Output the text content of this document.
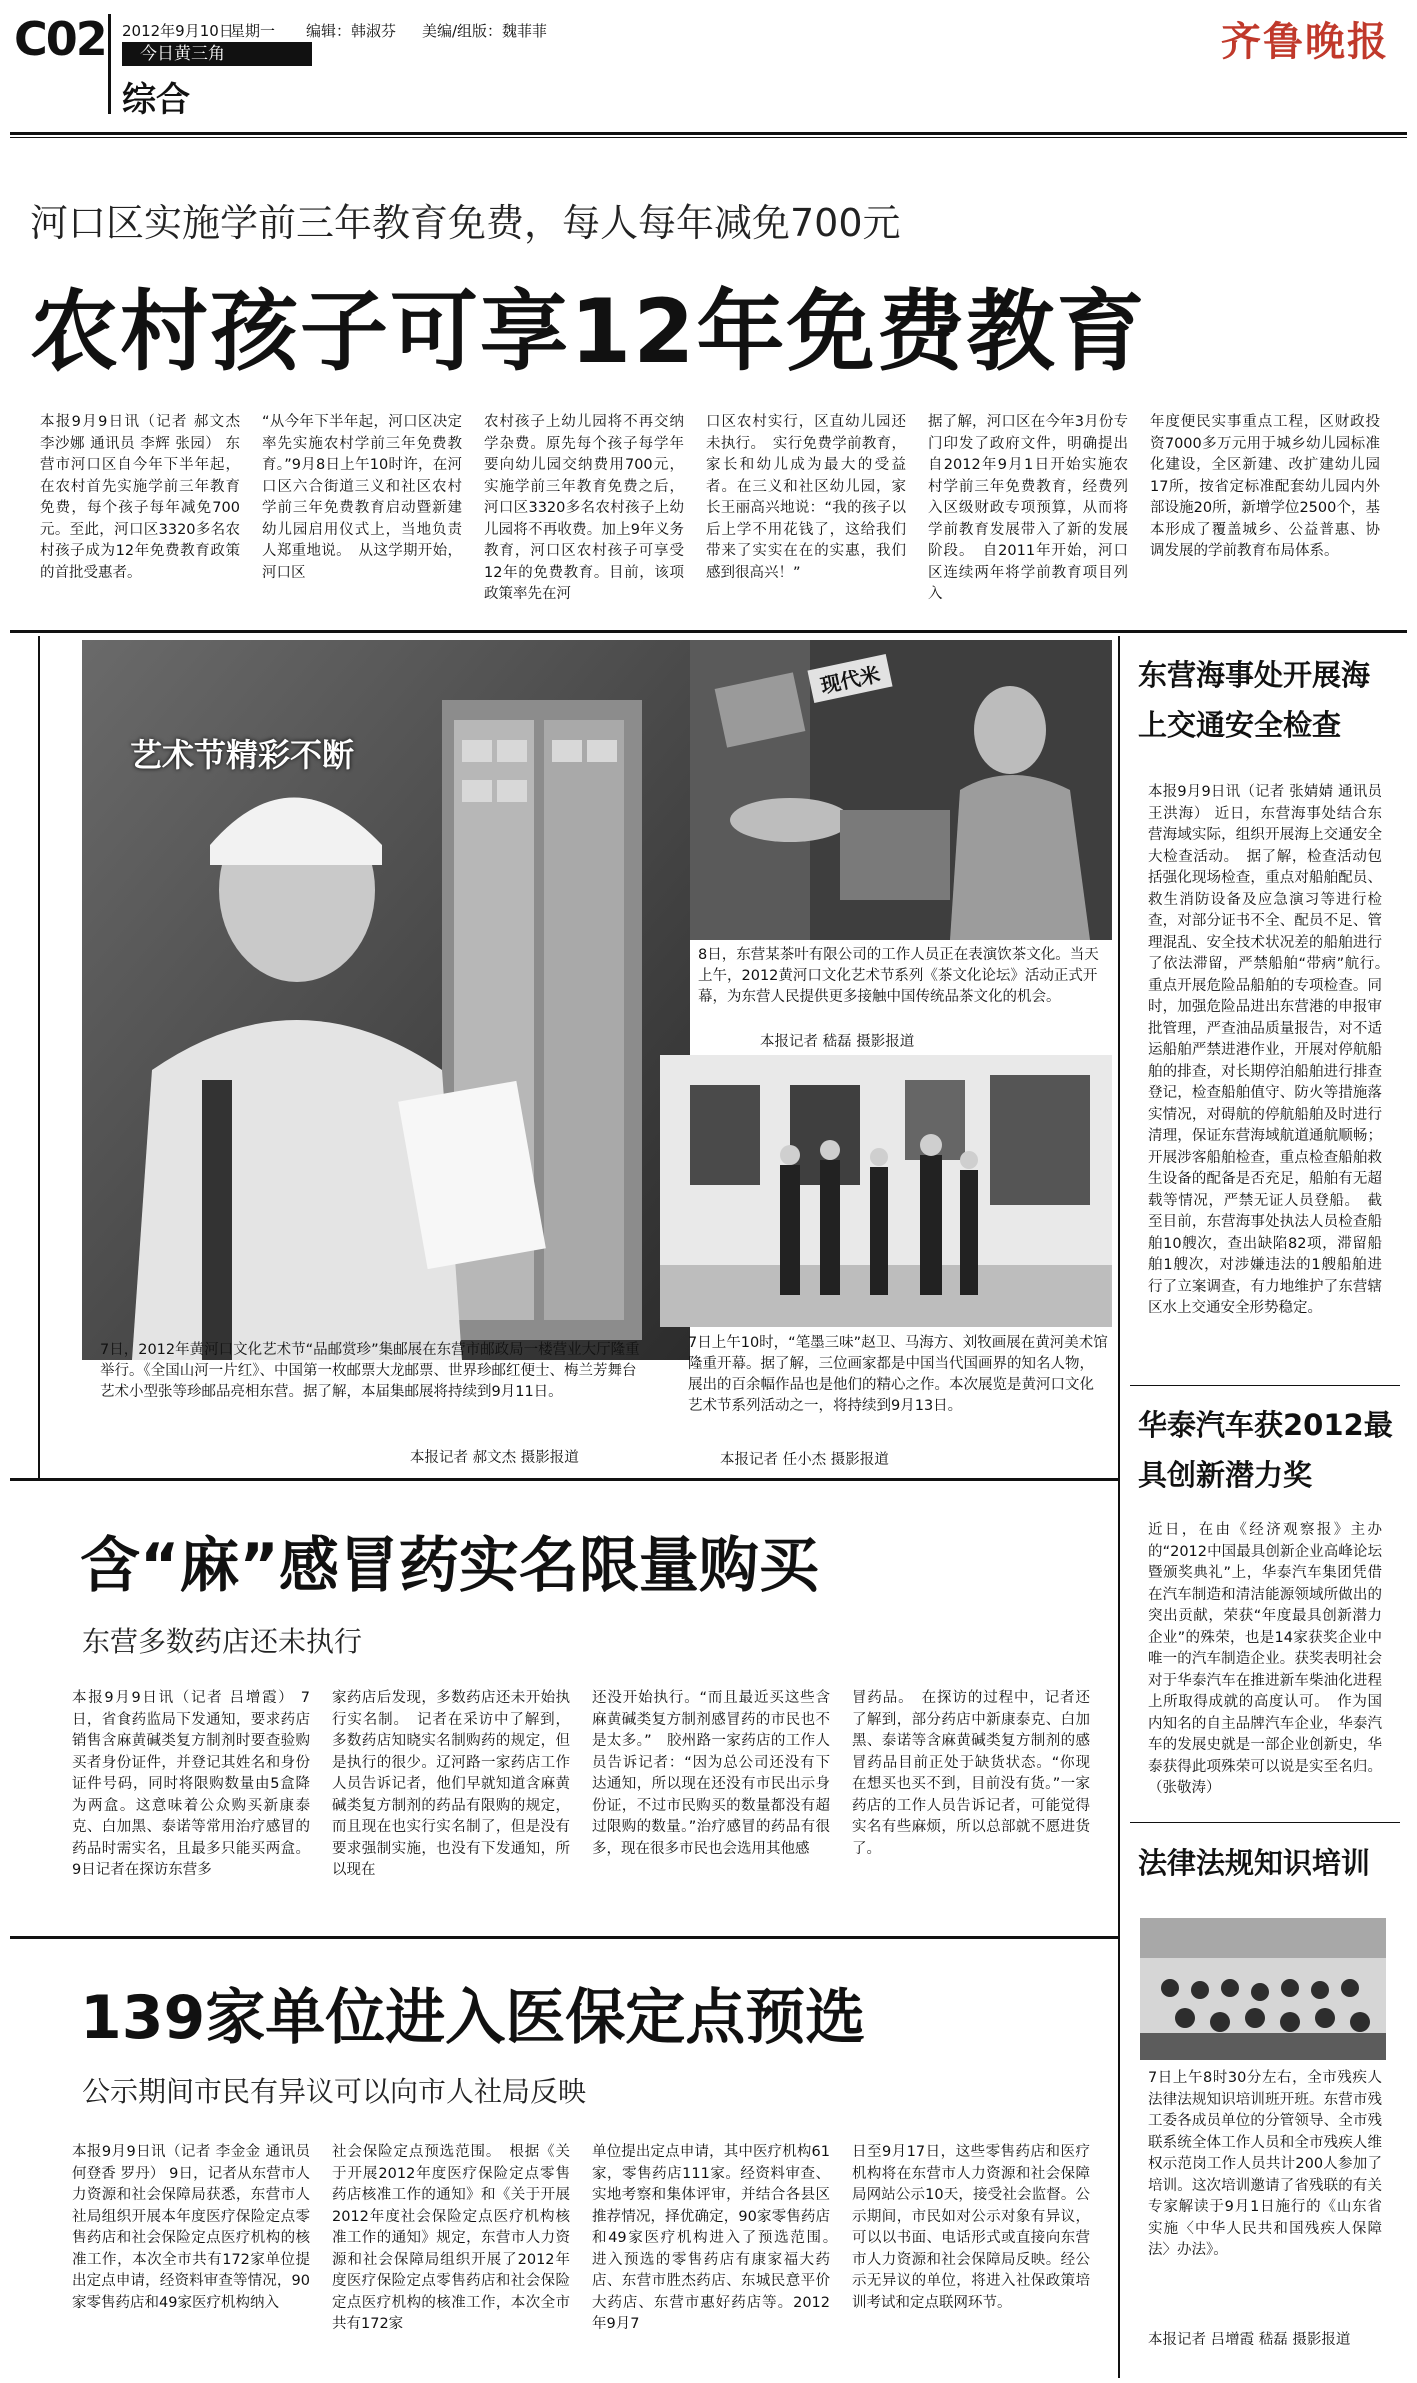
C02 2012年9月10日
星期一 编辑：韩淑芬 美编/组版：魏菲菲
今日黄三角
综合
齐鲁晚报
河口区实施学前三年教育免费，每人每年减免700元
农村孩子可享12年免费教育
本报9月9日讯（记者 郝文杰 李沙娜 通讯员 李辉 张园） 东营市河口区自今年下半年起，在农村首先实施学前三年教育免费，每个孩子每年减免700元。至此，河口区3320多名农村孩子成为12年免费教育政策的首批受惠者。
“从今年下半年起，河口区决定率先实施农村学前三年免费教育。”9月8日上午10时许，在河口区六合街道三义和社区农村学前三年免费教育启动暨新建幼儿园启用仪式上，当地负责人郑重地说。　从这学期开始，河口区
农村孩子上幼儿园将不再交纳学杂费。原先每个孩子每学年要向幼儿园交纳费用700元，实施学前三年教育免费之后，河口区3320多名农村孩子上幼儿园将不再收费。加上9年义务教育，河口区农村孩子可享受12年的免费教育。目前，该项政策率先在河
口区农村实行，区直幼儿园还未执行。　实行免费学前教育，家长和幼儿成为最大的受益者。在三义和社区幼儿园，家长王丽高兴地说：“我的孩子以后上学不用花钱了，这给我们带来了实实在在的实惠，我们感到很高兴！”
据了解，河口区在今年3月份专门印发了政府文件，明确提出自2012年9月1日开始实施农村学前三年免费教育，经费列入区级财政专项预算，从而将学前教育发展带入了新的发展阶段。　自2011年开始，河口区连续两年将学前教育项目列入
年度便民实事重点工程，区财政投资7000多万元用于城乡幼儿园标准化建设，全区新建、改扩建幼儿园17所，按省定标准配套幼儿园内外部设施20所，新增学位2500个，基本形成了覆盖城乡、公益普惠、协调发展的学前教育布局体系。
艺术节精彩不断
现代米
8日，东营某茶叶有限公司的工作人员正在表演饮茶文化。当天上午，2012黄河口文化艺术节系列《茶文化论坛》活动正式开幕，为东营人民提供更多接触中国传统品茶文化的机会。
本报记者 嵇磊 摄影报道
7日，2012年黄河口文化艺术节“品邮赏珍”集邮展在东营市邮政局一楼营业大厅隆重举行。《全国山河一片红》、中国第一枚邮票大龙邮票、世界珍邮红便士、梅兰芳舞台艺术小型张等珍邮品亮相东营。据了解，本届集邮展将持续到9月11日。
本报记者 郝文杰 摄影报道
7日上午10时，“笔墨三味”赵卫、马海方、刘牧画展在黄河美术馆隆重开幕。据了解，三位画家都是中国当代国画界的知名人物，展出的百余幅作品也是他们的精心之作。本次展览是黄河口文化艺术节系列活动之一，将持续到9月13日。
本报记者 任小杰 摄影报道
东营海事处开展海上交通安全检查
本报9月9日讯（记者 张婧婧 通讯员 王洪海） 近日，东营海事处结合东营海域实际，组织开展海上交通安全大检查活动。　据了解，检查活动包括强化现场检查，重点对船舶配员、救生消防设备及应急演习等进行检查，对部分证书不全、配员不足、管理混乱、安全技术状况差的船舶进行了依法滞留，严禁船舶“带病”航行。　重点开展危险品船舶的专项检查。同时，加强危险品进出东营港的申报审批管理，严查油品质量报告，对不适运船舶严禁进港作业，开展对停航船舶的排查，对长期停泊船舶进行排查登记，检查船舶值守、防火等措施落实情况，对碍航的停航船舶及时进行清理，保证东营海域航道通航顺畅；开展涉客船舶检查，重点检查船舶救生设备的配备是否充足，船舶有无超载等情况，严禁无证人员登船。　截至目前，东营海事处执法人员检查船舶10艘次，查出缺陷82项，滞留船舶1艘次，对涉嫌违法的1艘船舶进行了立案调查，有力地维护了东营辖区水上交通安全形势稳定。
华泰汽车获2012最具创新潜力奖
近日，在由《经济观察报》主办的“2012中国最具创新企业高峰论坛暨颁奖典礼”上，华泰汽车集团凭借在汽车制造和清洁能源领域所做出的突出贡献，荣获“年度最具创新潜力企业”的殊荣，也是14家获奖企业中唯一的汽车制造企业。获奖表明社会对于华泰汽车在推进新车柴油化进程上所取得成就的高度认可。　作为国内知名的自主品牌汽车企业，华泰汽车的发展史就是一部企业创新史，华泰获得此项殊荣可以说是实至名归。（张敬涛）
法律法规知识培训
7日上午8时30分左右，全市残疾人法律法规知识培训班开班。东营市残工委各成员单位的分管领导、全市残联系统全体工作人员和全市残疾人维权示范岗工作人员共计200人参加了培训。这次培训邀请了省残联的有关专家解读于9月1日施行的《山东省实施〈中华人民共和国残疾人保障法〉办法》。
本报记者 吕增霞 嵇磊 摄影报道
含“麻”感冒药实名限量购买
东营多数药店还未执行
本报9月9日讯（记者 吕增霞） 7日，省食药监局下发通知，要求药店销售含麻黄碱类复方制剂时要查验购买者身份证件，并登记其姓名和身份证件号码，同时将限购数量由5盒降为两盒。这意味着公众购买新康泰克、白加黑、泰诺等常用治疗感冒的药品时需实名，且最多只能买两盒。9日记者在探访东营多
家药店后发现，多数药店还未开始执行实名制。　记者在采访中了解到，多数药店知晓实名制购药的规定，但是执行的很少。辽河路一家药店工作人员告诉记者，他们早就知道含麻黄碱类复方制剂的药品有限购的规定，而且现在也实行实名制了，但是没有要求强制实施，也没有下发通知，所以现在
还没开始执行。“而且最近买这些含麻黄碱类复方制剂感冒药的市民也不是太多。”　胶州路一家药店的工作人员告诉记者：“因为总公司还没有下达通知，所以现在还没有市民出示身份证，不过市民购买的数量都没有超过限购的数量。”治疗感冒的药品有很多，现在很多市民也会选用其他感
冒药品。　在探访的过程中，记者还了解到，部分药店中新康泰克、白加黑、泰诺等含麻黄碱类复方制剂的感冒药品目前正处于缺货状态。“你现在想买也买不到，目前没有货。”一家药店的工作人员告诉记者，可能觉得实名有些麻烦，所以总部就不愿进货了。
139家单位进入医保定点预选
公示期间市民有异议可以向市人社局反映
本报9月9日讯（记者 李金金 通讯员 何登香 罗丹） 9日，记者从东营市人力资源和社会保障局获悉，东营市人社局组织开展本年度医疗保险定点零售药店和社会保险定点医疗机构的核准工作，本次全市共有172家单位提出定点申请，经资料审查等情况，90家零售药店和49家医疗机构纳入
社会保险定点预选范围。　根据《关于开展2012年度医疗保险定点零售药店核准工作的通知》和《关于开展2012年度社会保险定点医疗机构核准工作的通知》规定，东营市人力资源和社会保障局组织开展了2012年度医疗保险定点零售药店和社会保险定点医疗机构的核准工作，本次全市共有172家
单位提出定点申请，其中医疗机构61家，零售药店111家。经资料审查、实地考察和集体评审，并结合各县区推荐情况，择优确定，90家零售药店和49家医疗机构进入了预选范围。　进入预选的零售药店有康家福大药店、东营市胜杰药店、东城民意平价大药店、东营市惠好药店等。2012年9月7
日至9月17日，这些零售药店和医疗机构将在东营市人力资源和社会保障局网站公示10天，接受社会监督。公示期间，市民如对公示对象有异议，可以以书面、电话形式或直接向东营市人力资源和社会保障局反映。经公示无异议的单位，将进入社保政策培训考试和定点联网环节。
